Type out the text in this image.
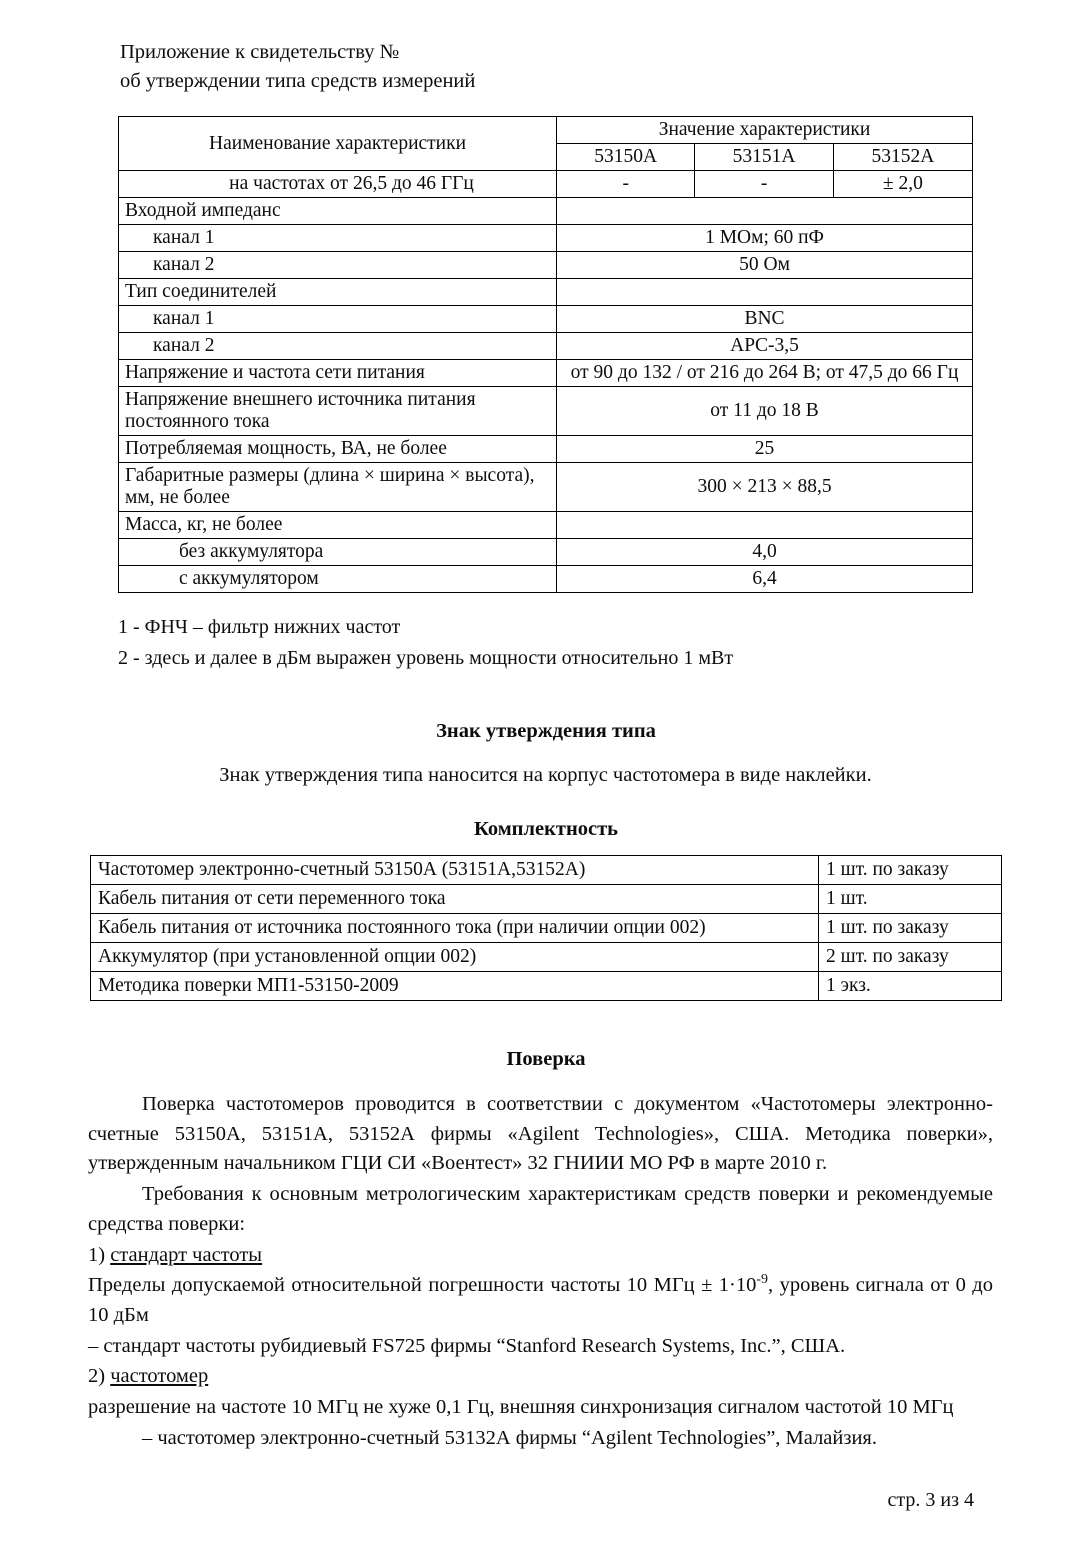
Приложение к свидетельству №
об утверждении типа средств измерений
Наименование характеристики	Значение характеристики		
	53150A	53151A	53152A
на частотах от 26,5 до 46 ГГц	-	-	± 2,0
Входной импеданс			
канал 1	1 МОм; 60 пФ		
канал 2	50 Ом		
Тип соединителей			
канал 1	BNC		
канал 2	APC-3,5		
Напряжение и частота сети питания	от 90 до 132 / от 216 до 264 В; от 47,5 до 66 Гц		
Напряжение внешнего источника питания постоянного тока	от 11 до 18 В		
Потребляемая мощность, ВА, не более	25		
Габаритные размеры (длина × ширина × высота), мм, не более	300 × 213 × 88,5		
Масса, кг, не более			
без аккумулятора	4,0		
с аккумулятором	6,4		
1 - ФНЧ – фильтр нижних частот
2 - здесь и далее в дБм выражен уровень мощности относительно 1 мВт
Знак утверждения типа
Знак утверждения типа наносится на корпус частотомера в виде наклейки.
Комплектность
Частотомер электронно-счетный 53150А (53151А,53152А)	1 шт. по заказу
Кабель питания от сети переменного тока	1 шт.
Кабель питания от источника постоянного тока (при наличии опции 002)	1 шт. по заказу
Аккумулятор (при установленной опции 002)	2 шт. по заказу
Методика поверки МП1-53150-2009	1 экз.
Поверка

Поверка частотомеров проводится в соответствии с документом «Частотомеры электронно-счетные 53150А, 53151А, 53152А фирмы «Agilent Technologies», США. Методика поверки», утвержденным начальником ГЦИ СИ «Воентест» 32 ГНИИИ МО РФ в марте 2010 г.

Требования к основным метрологическим характеристикам средств поверки и рекомендуемые средства поверки:

1) стандарт частоты

Пределы допускаемой относительной погрешности частоты 10 МГц ± $1\cdot 10^{-9}$, уровень сигнала от 0 до 10 дБм

– стандарт частоты рубидиевый FS725 фирмы “Stanford Research Systems, Inc.”, США.

2) частотомер

разрешение на частоте 10 МГц не хуже 0,1 Гц, внешняя синхронизация сигналом частотой 10 МГц

– частотомер электронно-счетный 53132А фирмы “Agilent Technologies”, Малайзия.

стр. 3 из 4
